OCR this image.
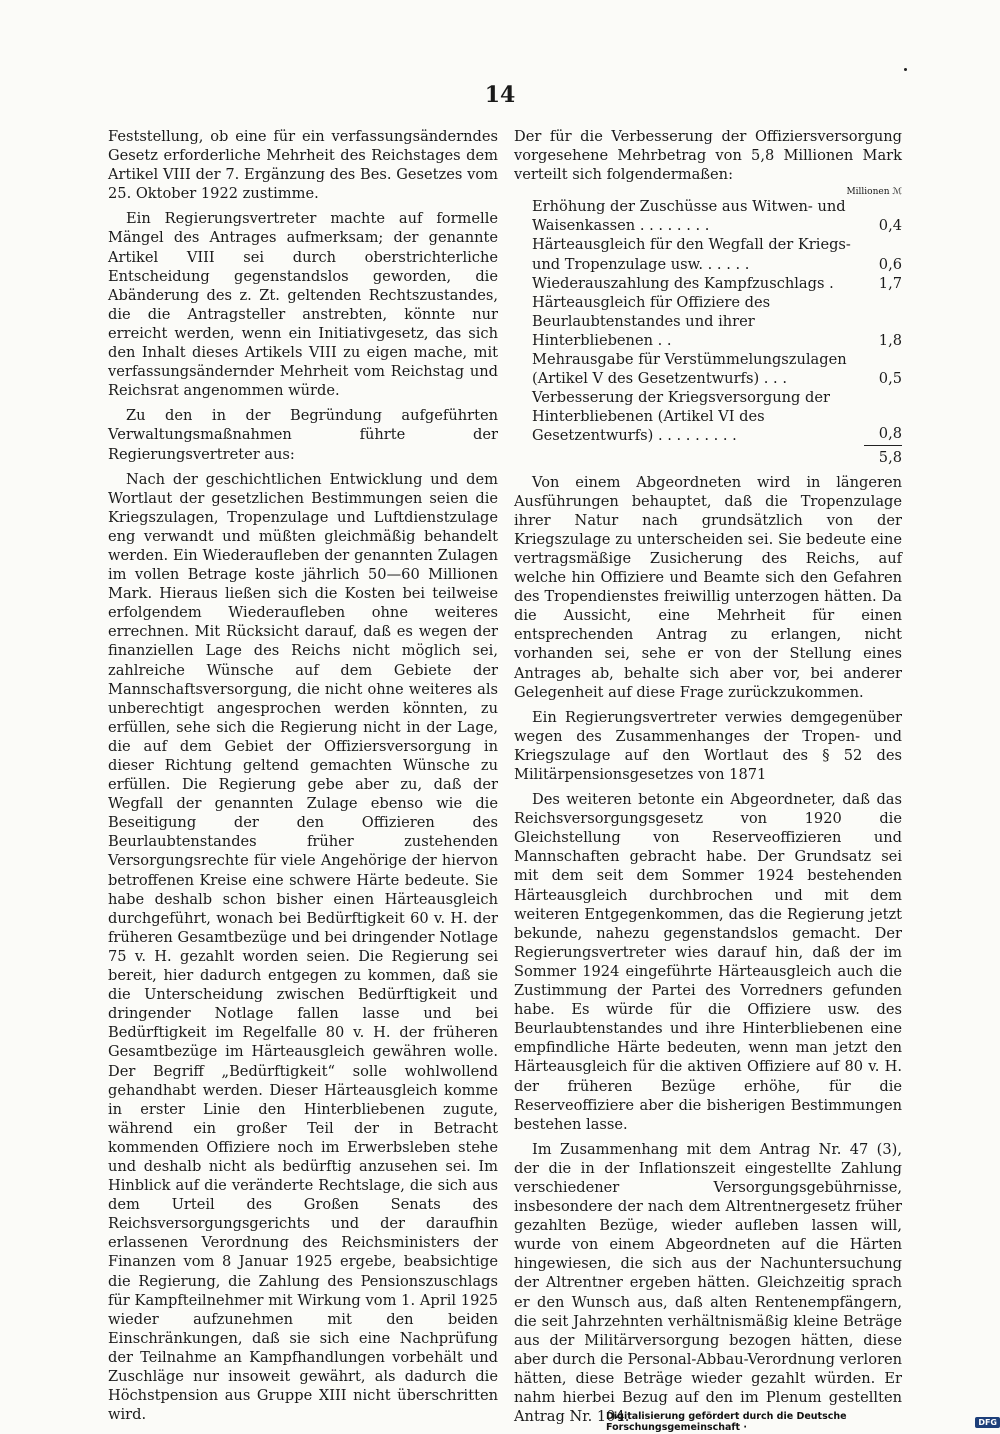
14

Feststellung, ob eine für ein verfassungsänderndes Gesetz erforderliche Mehrheit des Reichstages dem Artikel VIII der 7. Ergänzung des Bes. Gesetzes vom 25. Oktober 1922 zustimme.

Ein Regierungsvertreter machte auf formelle Mängel des Antrages aufmerksam; der genannte Artikel VIII sei durch oberstrichterliche Entscheidung gegenstandslos geworden, die Abänderung des z. Zt. geltenden Rechtszustandes, die die Antragsteller anstrebten, könnte nur erreicht werden, wenn ein Initiativgesetz, das sich den Inhalt dieses Artikels VIII zu eigen mache, mit verfassungsändernder Mehrheit vom Reichstag und Reichsrat angenommen würde.

Zu den in der Begründung aufgeführten Verwaltungsmaßnahmen führte der Regierungsvertreter aus:

Nach der geschichtlichen Entwicklung und dem Wortlaut der gesetzlichen Bestimmungen seien die Kriegszulagen, Tropenzulage und Luftdienstzulage eng verwandt und müßten gleichmäßig behandelt werden. Ein Wiederaufleben der genannten Zulagen im vollen Betrage koste jährlich 50—60 Millionen Mark. Hieraus ließen sich die Kosten bei teilweise erfolgendem Wiederaufleben ohne weiteres errechnen. Mit Rücksicht darauf, daß es wegen der finanziellen Lage des Reichs nicht möglich sei, zahlreiche Wünsche auf dem Gebiete der Mannschaftsversorgung, die nicht ohne weiteres als unberechtigt angesprochen werden könnten, zu erfüllen, sehe sich die Regierung nicht in der Lage, die auf dem Gebiet der Offiziersversorgung in dieser Richtung geltend gemachten Wünsche zu erfüllen. Die Regierung gebe aber zu, daß der Wegfall der genannten Zulage ebenso wie die Beseitigung der den Offizieren des Beurlaubtenstandes früher zustehenden Versorgungsrechte für viele Angehörige der hiervon betroffenen Kreise eine schwere Härte bedeute. Sie habe deshalb schon bisher einen Härteausgleich durchgeführt, wonach bei Bedürftigkeit 60 v. H. der früheren Gesamtbezüge und bei dringender Notlage 75 v. H. gezahlt worden seien. Die Regierung sei bereit, hier dadurch entgegen zu kommen, daß sie die Unterscheidung zwischen Bedürftigkeit und dringender Notlage fallen lasse und bei Bedürftigkeit im Regelfalle 80 v. H. der früheren Gesamtbezüge im Härteausgleich gewähren wolle. Der Begriff „Bedürftigkeit“ solle wohlwollend gehandhabt werden. Dieser Härteausgleich komme in erster Linie den Hinterbliebenen zugute, während ein großer Teil der in Betracht kommenden Offiziere noch im Erwerbsleben stehe und deshalb nicht als bedürftig anzusehen sei. Im Hinblick auf die veränderte Rechtslage, die sich aus dem Urteil des Großen Senats des Reichsversorgungsgerichts und der daraufhin erlassenen Verordnung des Reichsministers der Finanzen vom 8 Januar 1925 ergebe, beabsichtige die Regierung, die Zahlung des Pensionszuschlags für Kampfteilnehmer mit Wirkung vom 1. April 1925 wieder aufzunehmen mit den beiden Einschränkungen, daß sie sich eine Nachprüfung der Teilnahme an Kampfhandlungen vorbehält und Zuschläge nur insoweit gewährt, als dadurch die Höchstpension aus Gruppe XIII nicht überschritten wird.

Der für die Verbesserung der Offiziersversorgung vorgesehene Mehrbetrag von 5,8 Millionen Mark verteilt sich folgendermaßen:

Millionen ℳ
Erhöhung der Zuschüsse aus Witwen- und Waisenkassen . . . . . . . .	0,4
Härteausgleich für den Wegfall der Kriegs- und Tropenzulage usw. . . . . .	0,6
Wiederauszahlung des Kampfzuschlags .	1,7
Härteausgleich für Offiziere des Beurlaubtenstandes und ihrer Hinterbliebenen . .	1,8
Mehrausgabe für Verstümmelungszulagen (Artikel V des Gesetzentwurfs) . . .	0,5
Verbesserung der Kriegsversorgung der Hinterbliebenen (Artikel VI des Gesetzentwurfs) . . . . . . . . .	0,8
5,8

Von einem Abgeordneten wird in längeren Ausführungen behauptet, daß die Tropenzulage ihrer Natur nach grundsätzlich von der Kriegszulage zu unterscheiden sei. Sie bedeute eine vertragsmäßige Zusicherung des Reichs, auf welche hin Offiziere und Beamte sich den Gefahren des Tropendienstes freiwillig unterzogen hätten. Da die Aussicht, eine Mehrheit für einen entsprechenden Antrag zu erlangen, nicht vorhanden sei, sehe er von der Stellung eines Antrages ab, behalte sich aber vor, bei anderer Gelegenheit auf diese Frage zurückzukommen.

Ein Regierungsvertreter verwies demgegenüber wegen des Zusammenhanges der Tropen- und Kriegszulage auf den Wortlaut des § 52 des Militärpensionsgesetzes von 1871

Des weiteren betonte ein Abgeordneter, daß das Reichsversorgungsgesetz von 1920 die Gleichstellung von Reserveoffizieren und Mannschaften gebracht habe. Der Grundsatz sei mit dem seit dem Sommer 1924 bestehenden Härteausgleich durchbrochen und mit dem weiteren Entgegenkommen, das die Regierung jetzt bekunde, nahezu gegenstandslos gemacht. Der Regierungsvertreter wies darauf hin, daß der im Sommer 1924 eingeführte Härteausgleich auch die Zustimmung der Partei des Vorredners gefunden habe. Es würde für die Offiziere usw. des Beurlaubtenstandes und ihre Hinterbliebenen eine empfindliche Härte bedeuten, wenn man jetzt den Härteausgleich für die aktiven Offiziere auf 80 v. H. der früheren Bezüge erhöhe, für die Reserveoffiziere aber die bisherigen Bestimmungen bestehen lasse.

Im Zusammenhang mit dem Antrag Nr. 47 (3), der die in der Inflationszeit eingestellte Zahlung verschiedener Versorgungsgebührnisse, insbesondere der nach dem Altrentnergesetz früher gezahlten Bezüge, wieder aufleben lassen will, wurde von einem Abgeordneten auf die Härten hingewiesen, die sich aus der Nachuntersuchung der Altrentner ergeben hätten. Gleichzeitig sprach er den Wunsch aus, daß alten Rentenempfängern, die seit Jahrzehnten verhältnismäßig kleine Beträge aus der Militärversorgung bezogen hätten, diese aber durch die Personal-Abbau-Verordnung verloren hätten, diese Beträge wieder gezahlt würden. Er nahm hierbei Bezug auf den im Plenum gestellten Antrag Nr. 104.

Digitalisierung gefördert durch die Deutsche Forschungsgemeinschaft ·	DFG
